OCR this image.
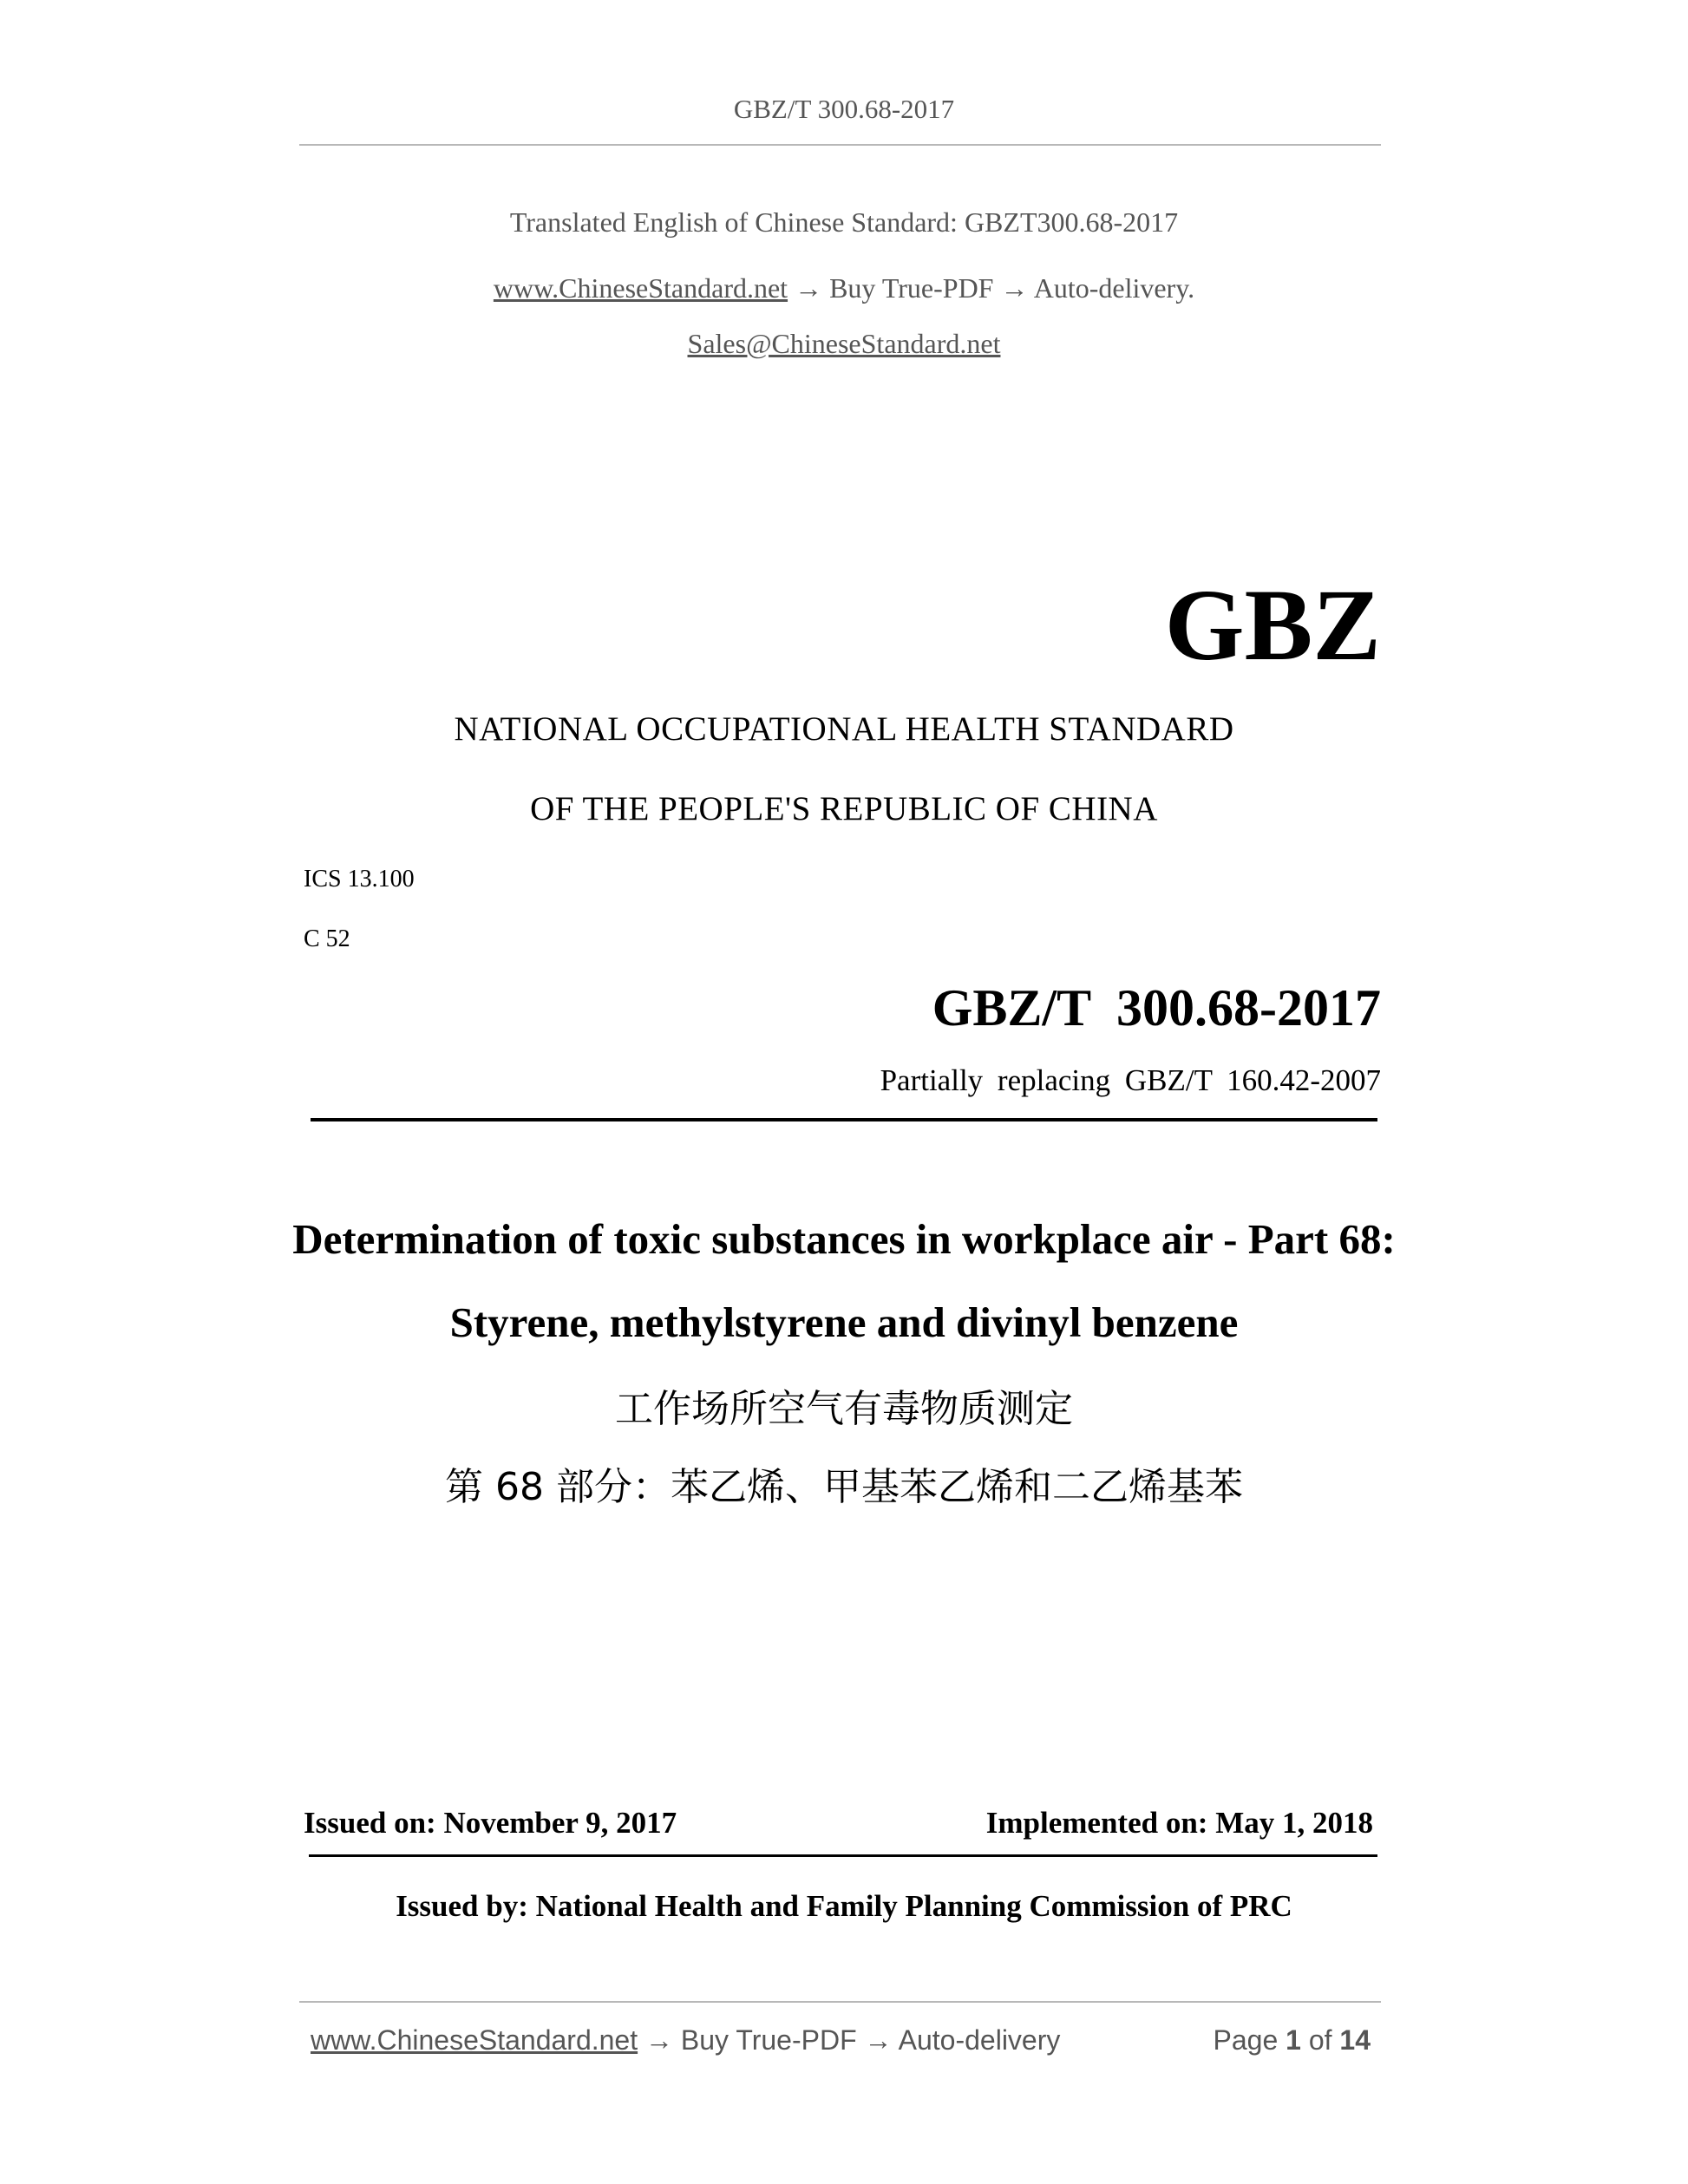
GBZ/T 300.68-2017
Translated English of Chinese Standard: GBZT300.68-2017
www.ChineseStandard.net → Buy True-PDF → Auto-delivery.
Sales@ChineseStandard.net
GBZ
NATIONAL OCCUPATIONAL HEALTH STANDARD
OF THE PEOPLE'S REPUBLIC OF CHINA
ICS 13.100
C 52
GBZ/T  300.68-2017
Partially replacing GBZ/T 160.42-2007
Determination of toxic substances in workplace air - Part 68:
Styrene, methylstyrene and divinyl benzene
工作场所空气有毒物质测定
第 68 部分：苯乙烯、甲基苯乙烯和二乙烯基苯
Issued on: November 9, 2017	Implemented on: May 1, 2018
Issued by: National Health and Family Planning Commission of PRC
www.ChineseStandard.net → Buy True-PDF → Auto-delivery	Page 1 of 14
